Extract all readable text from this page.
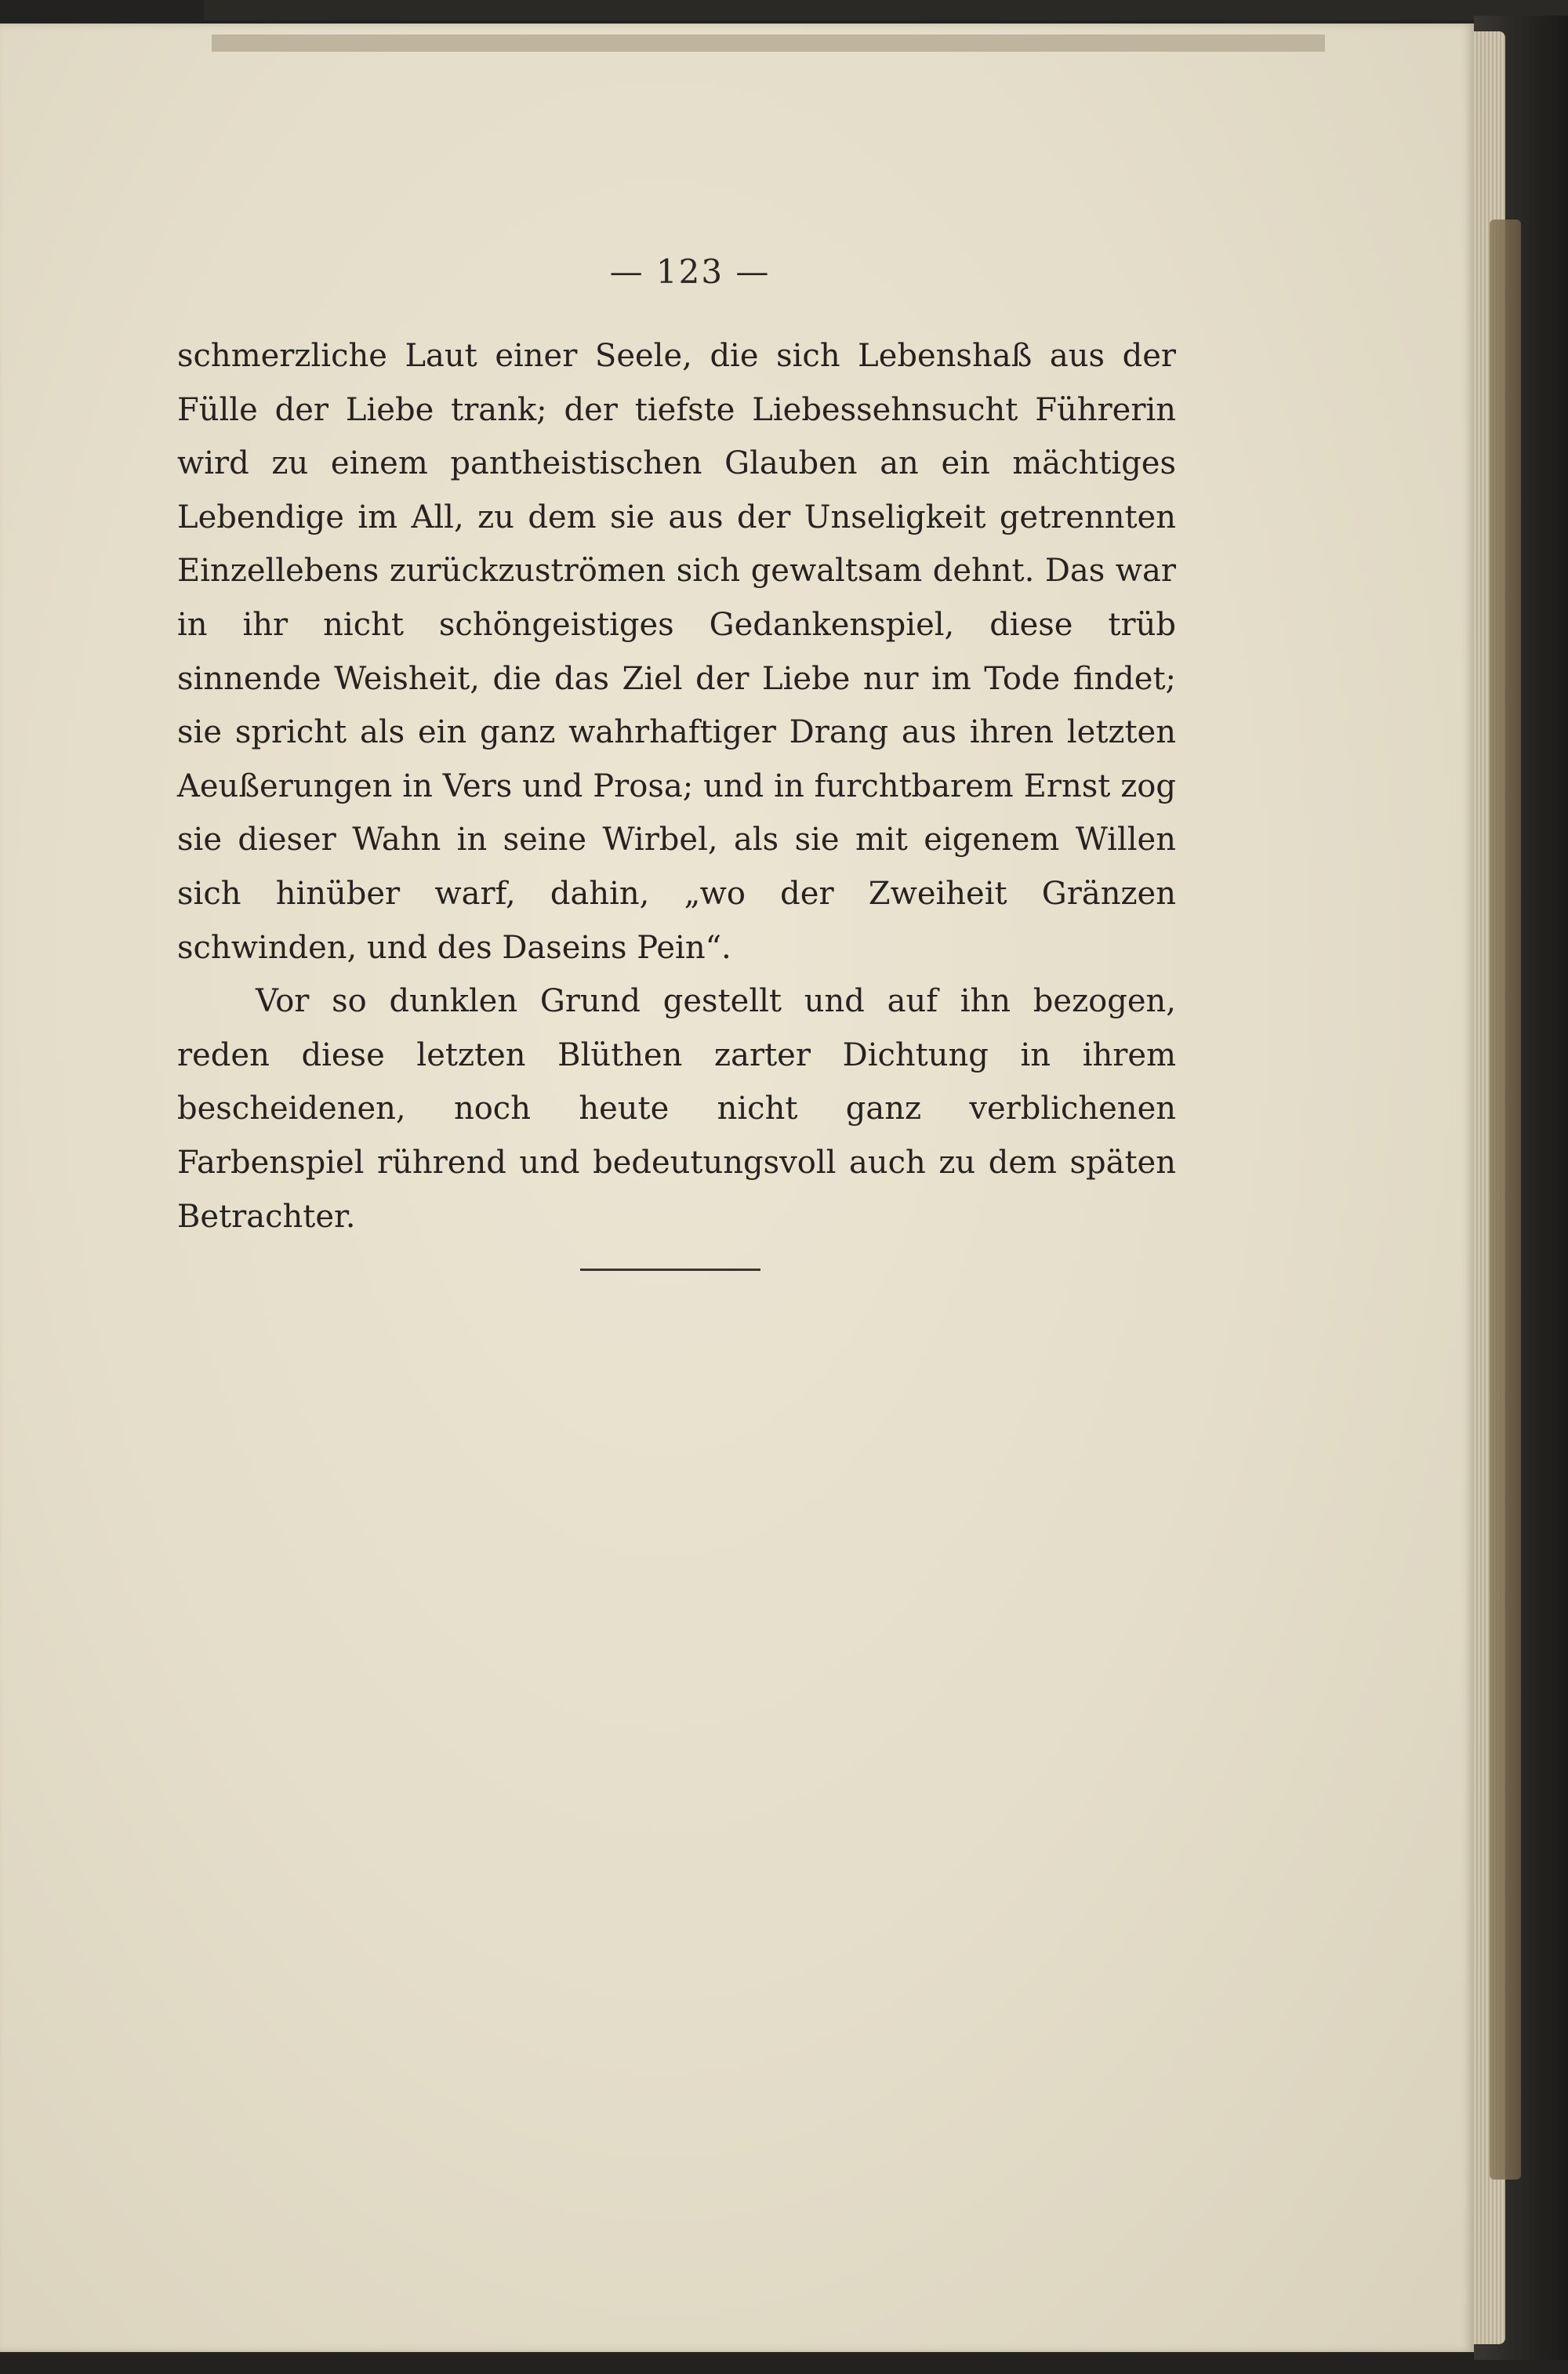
— 123 —

schmerzliche Laut einer Seele, die sich Lebenshaß aus der Fülle der Liebe trank; der tiefste Liebessehnsucht Führerin wird zu einem pantheistischen Glauben an ein mächtiges Lebendige im All, zu dem sie aus der Unseligkeit getrennten Einzellebens zurückzuströmen sich gewaltsam dehnt. Das war in ihr nicht schöngeistiges Gedankenspiel, diese trüb sinnende Weisheit, die das Ziel der Liebe nur im Tode findet; sie spricht als ein ganz wahrhaftiger Drang aus ihren letzten Aeußerungen in Vers und Prosa; und in furchtbarem Ernst zog sie dieser Wahn in seine Wirbel, als sie mit eigenem Willen sich hinüber warf, dahin, „wo der Zweiheit Gränzen schwinden, und des Daseins Pein“.

Vor so dunklen Grund gestellt und auf ihn bezogen, reden diese letzten Blüthen zarter Dichtung in ihrem bescheidenen, noch heute nicht ganz verblichenen Farbenspiel rührend und bedeutungsvoll auch zu dem späten Betrachter.
